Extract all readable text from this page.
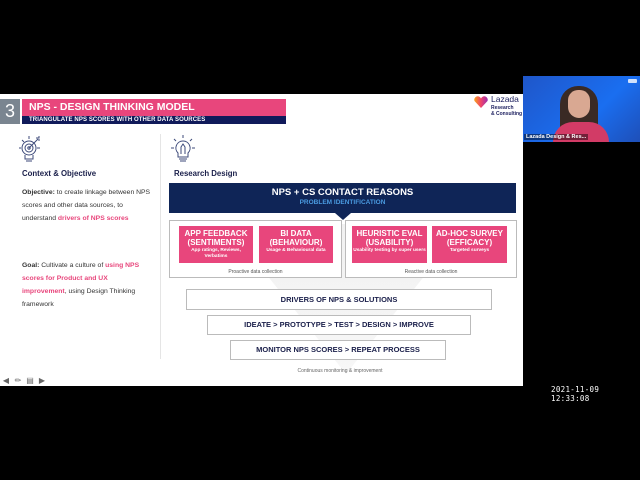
3	NPS - DESIGN THINKING MODEL
TRIANGULATE NPS SCORES WITH OTHER DATA SOURCES
Lazada
Research
& Consulting
Context & Objective
Objective: to create linkage between NPS scores and other data sources, to understand drivers of NPS scores
Goal: Cultivate a culture of using NPS scores for Product and UX improvement, using Design Thinking framework
Research Design
NPS + CS CONTACT REASONS
PROBLEM IDENTIFICATION
APP FEEDBACK (SENTIMENTS)
App ratings, Reviews, Verbatims
BI DATA (BEHAVIOUR)
Usage & Behavioural data
Proactive data collection
HEURISTIC EVAL (USABILITY)
Usability testing by super users
AD-HOC SURVEY (EFFICACY)
Targeted surveys
Reactive data collection
DRIVERS OF NPS & SOLUTIONS
IDEATE > PROTOTYPE > TEST > DESIGN > IMPROVE
MONITOR NPS SCORES > REPEAT PROCESS
Continuous monitoring & improvement
Lazada Design & Res...
◀ ✏ ▤ ▶
2021-11-09 12:33:08
